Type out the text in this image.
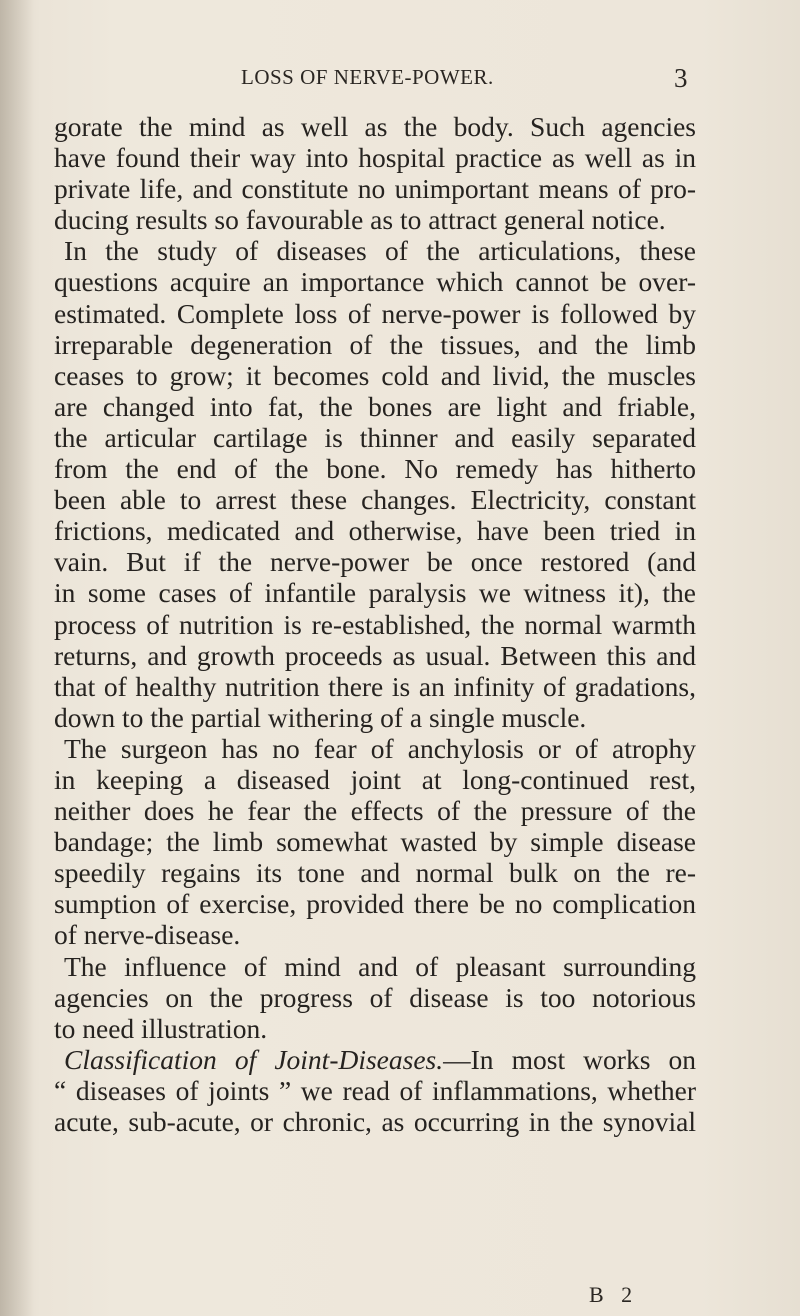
LOSS OF NERVE-POWER.	3
gorate the mind as well as the body. Such agencies
have found their way into hospital practice as well as in
private life, and constitute no unimportant means of pro-
ducing results so favourable as to attract general notice.
In the study of diseases of the articulations, these
questions acquire an importance which cannot be over-
estimated. Complete loss of nerve-power is followed by
irreparable degeneration of the tissues, and the limb
ceases to grow; it becomes cold and livid, the muscles
are changed into fat, the bones are light and friable,
the articular cartilage is thinner and easily separated
from the end of the bone. No remedy has hitherto
been able to arrest these changes. Electricity, constant
frictions, medicated and otherwise, have been tried in
vain. But if the nerve-power be once restored (and
in some cases of infantile paralysis we witness it), the
process of nutrition is re-established, the normal warmth
returns, and growth proceeds as usual. Between this and
that of healthy nutrition there is an infinity of gradations,
down to the partial withering of a single muscle.
The surgeon has no fear of anchylosis or of atrophy
in keeping a diseased joint at long-continued rest,
neither does he fear the effects of the pressure of the
bandage; the limb somewhat wasted by simple disease
speedily regains its tone and normal bulk on the re-
sumption of exercise, provided there be no complication
of nerve-disease.
The influence of mind and of pleasant surrounding
agencies on the progress of disease is too notorious
to need illustration.
Classification of Joint-Diseases.—In most works on
“ diseases of joints ” we read of inflammations, whether
acute, sub-acute, or chronic, as occurring in the synovial
B 2
